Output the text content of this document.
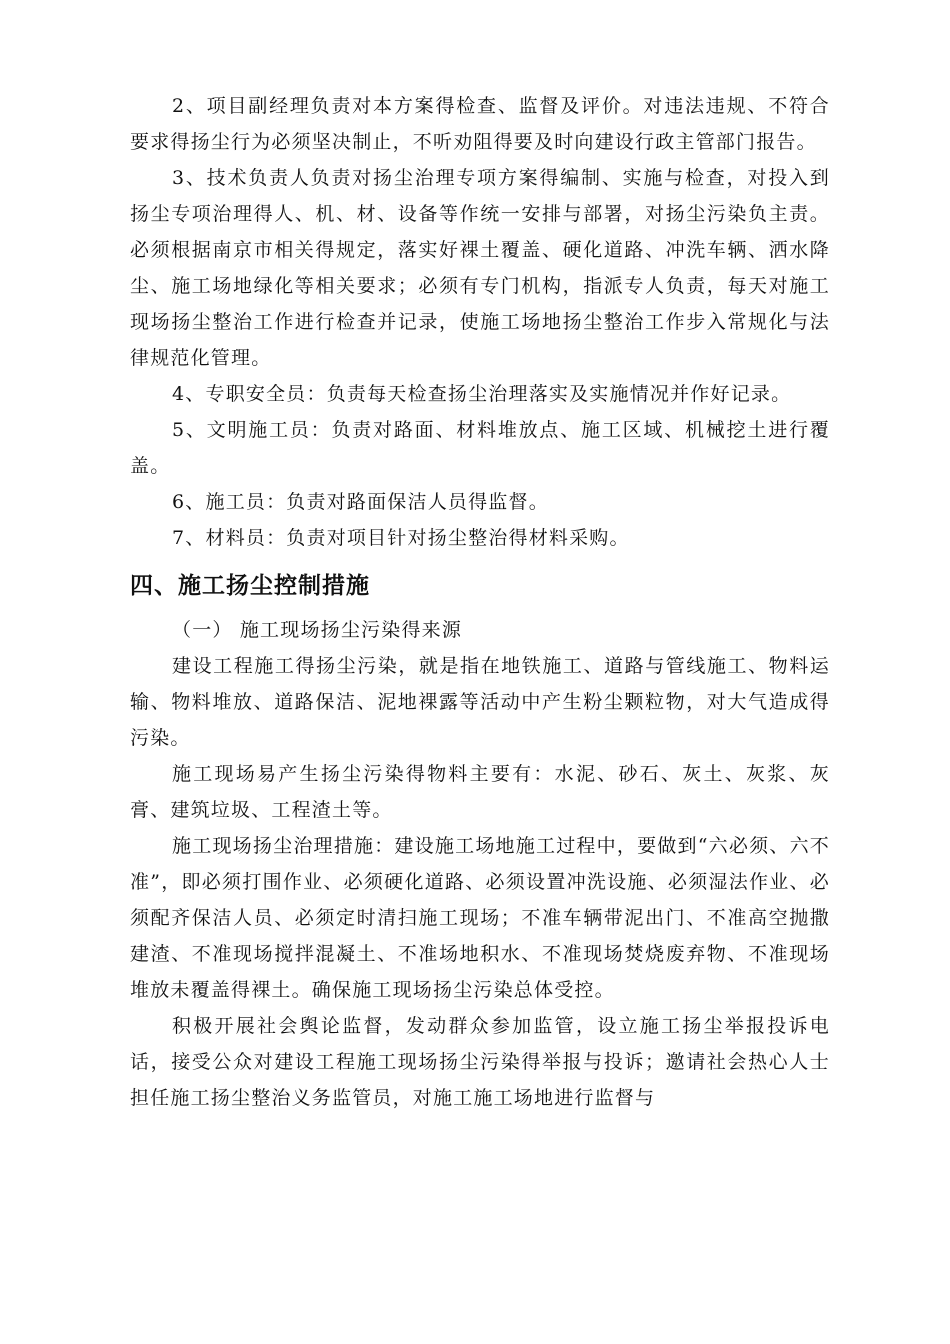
2、项目副经理负责对本方案得检查、监督及评价。对违法违规、不符合要求得扬尘行为必须坚决制止，不听劝阻得要及时向建设行政主管部门报告。

3、技术负责人负责对扬尘治理专项方案得编制、实施与检查，对投入到扬尘专项治理得人、机、材、设备等作统一安排与部署，对扬尘污染负主责。必须根据南京市相关得规定，落实好裸土覆盖、硬化道路、冲洗车辆、洒水降尘、施工场地绿化等相关要求；必须有专门机构，指派专人负责，每天对施工现场扬尘整治工作进行检查并记录，使施工场地扬尘整治工作步入常规化与法律规范化管理。

4、专职安全员：负责每天检查扬尘治理落实及实施情况并作好记录。

5、文明施工员：负责对路面、材料堆放点、施工区域、机械挖土进行覆盖。

6、施工员：负责对路面保洁人员得监督。

7、材料员：负责对项目针对扬尘整治得材料采购。

四、施工扬尘控制措施

（一） 施工现场扬尘污染得来源

建设工程施工得扬尘污染，就是指在地铁施工、道路与管线施工、物料运输、物料堆放、道路保洁、泥地裸露等活动中产生粉尘颗粒物，对大气造成得污染。

施工现场易产生扬尘污染得物料主要有：水泥、砂石、灰土、灰浆、灰膏、建筑垃圾、工程渣土等。

施工现场扬尘治理措施：建设施工场地施工过程中，要做到“六必须、六不准”，即必须打围作业、必须硬化道路、必须设置冲洗设施、必须湿法作业、必须配齐保洁人员、必须定时清扫施工现场；不准车辆带泥出门、不准高空抛撒建渣、不准现场搅拌混凝土、不准场地积水、不准现场焚烧废弃物、不准现场堆放未覆盖得裸土。确保施工现场扬尘污染总体受控。

积极开展社会舆论监督，发动群众参加监管，设立施工扬尘举报投诉电话，接受公众对建设工程施工现场扬尘污染得举报与投诉；邀请社会热心人士担任施工扬尘整治义务监管员，对施工施工场地进行监督与
